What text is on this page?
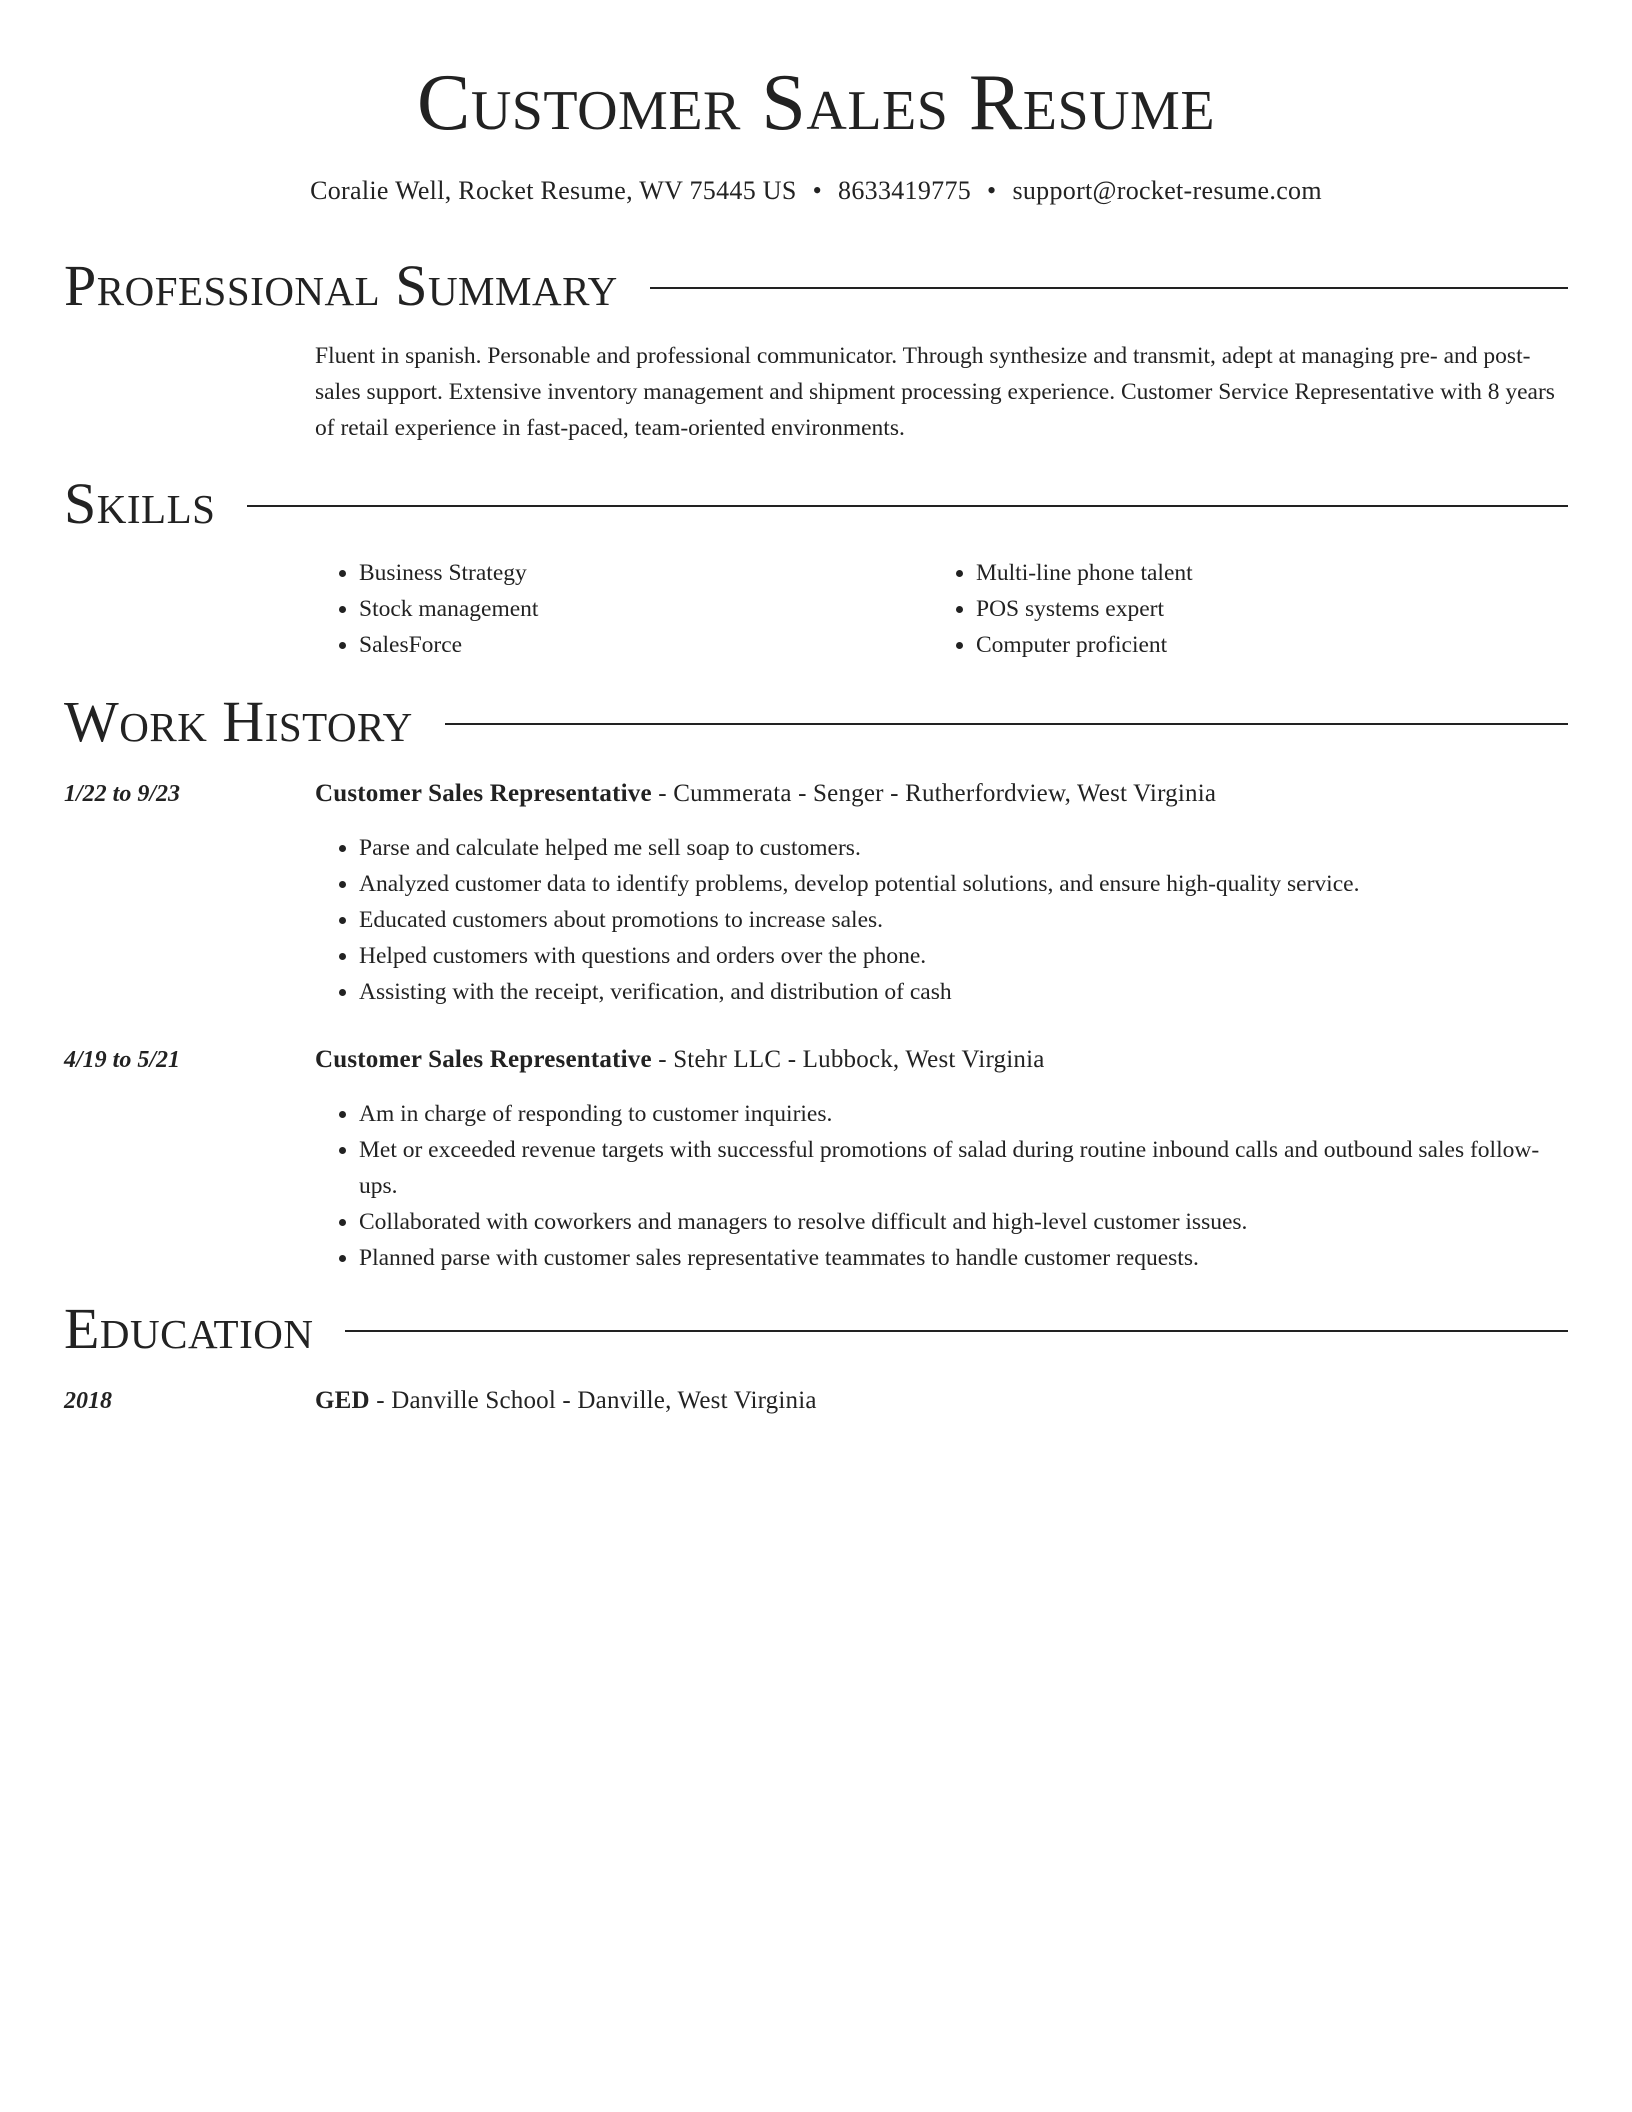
Customer Sales Resume
Coralie Well, Rocket Resume, WV 75445 US • 8633419775 • support@rocket-resume.com
Professional Summary

Fluent in spanish. Personable and professional communicator. Through synthesize and transmit, adept at managing pre- and post-sales support. Extensive inventory management and shipment processing experience. Customer Service Representative with 8 years of retail experience in fast-paced, team-oriented environments.

Skills
• Business Strategy
• Stock management
• SalesForce
• Multi-line phone talent
• POS systems expert
• Computer proficient
Work History
1/22 to 9/23	Customer Sales Representative - Cummerata - Senger - Rutherfordview, West Virginia
• Parse and calculate helped me sell soap to customers.
• Analyzed customer data to identify problems, develop potential solutions, and ensure high-quality service.
• Educated customers about promotions to increase sales.
• Helped customers with questions and orders over the phone.
• Assisting with the receipt, verification, and distribution of cash
4/19 to 5/21	Customer Sales Representative - Stehr LLC - Lubbock, West Virginia
• Am in charge of responding to customer inquiries.
• Met or exceeded revenue targets with successful promotions of salad during routine inbound calls and outbound sales follow-ups.
• Collaborated with coworkers and managers to resolve difficult and high-level customer issues.
• Planned parse with customer sales representative teammates to handle customer requests.
Education
2018	GED - Danville School - Danville, West Virginia
